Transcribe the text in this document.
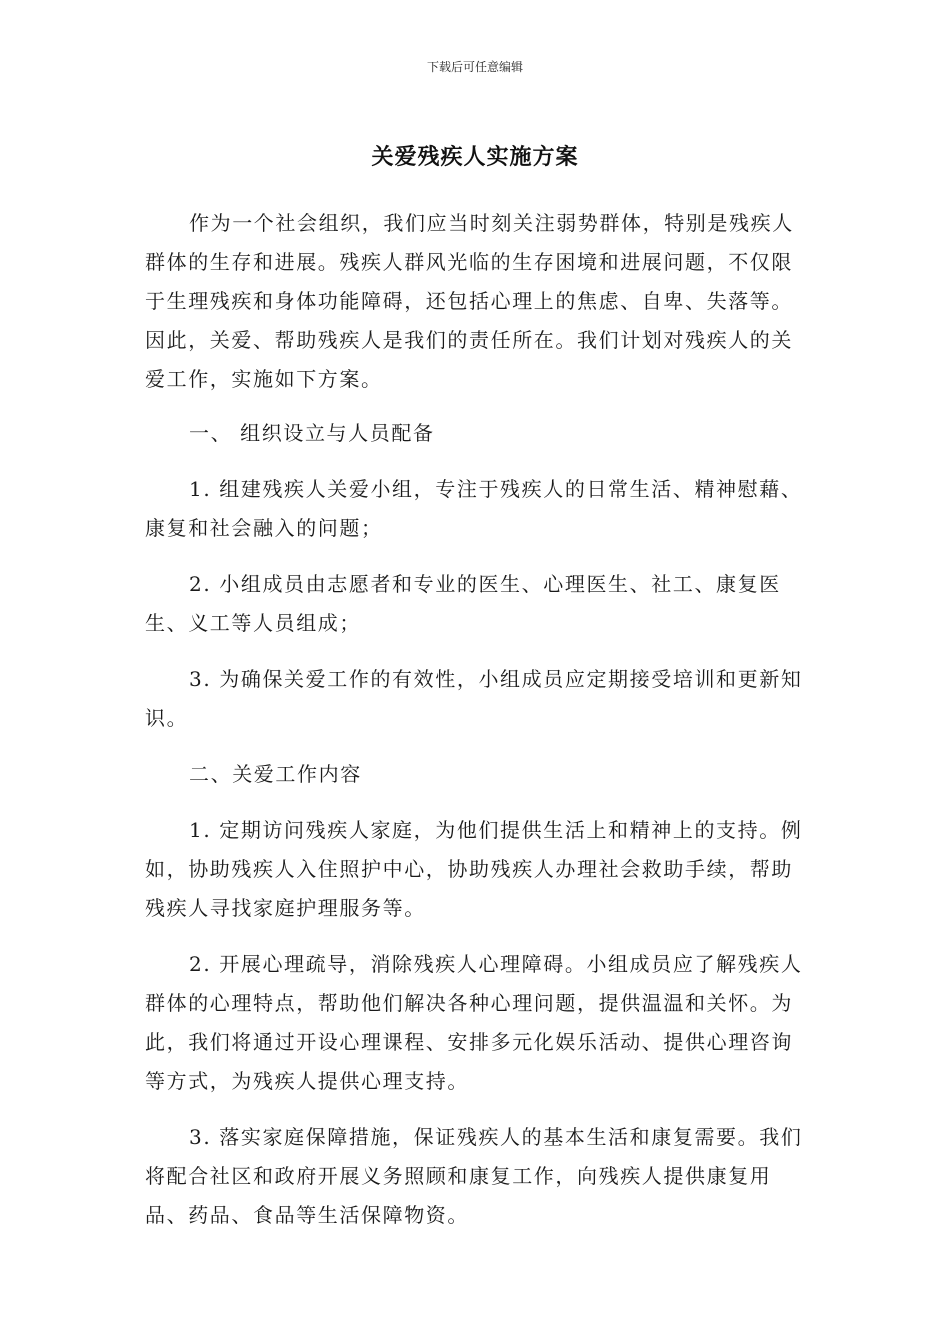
下载后可任意编辑
关爱残疾人实施方案

作为一个社会组织，我们应当时刻关注弱势群体，特别是残疾人群体的生存和进展。残疾人群风光临的生存困境和进展问题，不仅限于生理残疾和身体功能障碍，还包括心理上的焦虑、自卑、失落等。因此，关爱、帮助残疾人是我们的责任所在。我们计划对残疾人的关爱工作，实施如下方案。

一、 组织设立与人员配备

1. 组建残疾人关爱小组，专注于残疾人的日常生活、精神慰藉、康复和社会融入的问题；

2. 小组成员由志愿者和专业的医生、心理医生、社工、康复医生、义工等人员组成；

3. 为确保关爱工作的有效性，小组成员应定期接受培训和更新知识。

二、关爱工作内容

1. 定期访问残疾人家庭，为他们提供生活上和精神上的支持。例如，协助残疾人入住照护中心，协助残疾人办理社会救助手续，帮助残疾人寻找家庭护理服务等。

2. 开展心理疏导，消除残疾人心理障碍。小组成员应了解残疾人群体的心理特点，帮助他们解决各种心理问题，提供温温和关怀。为此，我们将通过开设心理课程、安排多元化娱乐活动、提供心理咨询等方式，为残疾人提供心理支持。

3. 落实家庭保障措施，保证残疾人的基本生活和康复需要。我们将配合社区和政府开展义务照顾和康复工作，向残疾人提供康复用品、药品、食品等生活保障物资。
